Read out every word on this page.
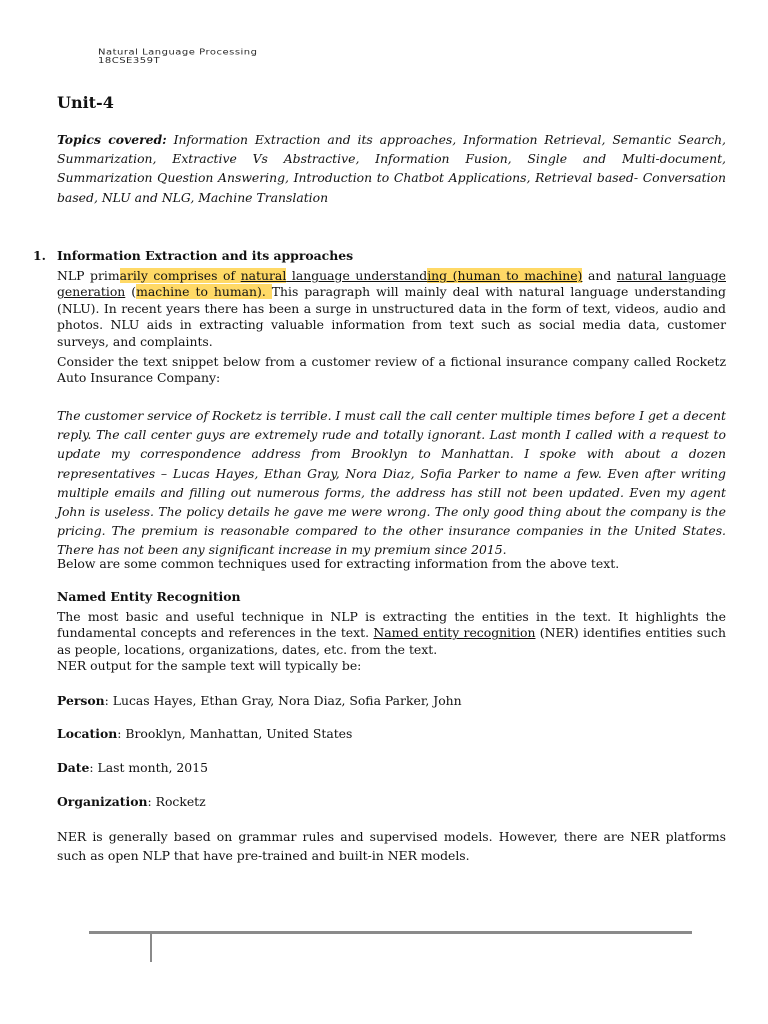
Natural Language Processing
18CSE359T
Unit-4
Topics covered: Information Extraction and its approaches, Information Retrieval, Semantic Search, Summarization, Extractive Vs Abstractive, Information Fusion, Single and Multi-document, Summarization Question Answering, Introduction to Chatbot Applications, Retrieval based- Conversation based, NLU and NLG, Machine Translation
1. Information Extraction and its approaches
NLP primarily comprises of natural language understanding (human to machine) and natural language generation (machine to human). This paragraph will mainly deal with natural language understanding (NLU). In recent years there has been a surge in unstructured data in the form of text, videos, audio and photos. NLU aids in extracting valuable information from text such as social media data, customer surveys, and complaints.
Consider the text snippet below from a customer review of a fictional insurance company called Rocketz Auto Insurance Company:
The customer service of Rocketz is terrible. I must call the call center multiple times before I get a decent reply. The call center guys are extremely rude and totally ignorant. Last month I called with a request to update my correspondence address from Brooklyn to Manhattan. I spoke with about a dozen representatives – Lucas Hayes, Ethan Gray, Nora Diaz, Sofia Parker to name a few. Even after writing multiple emails and filling out numerous forms, the address has still not been updated. Even my agent John is useless. The policy details he gave me were wrong. The only good thing about the company is the pricing. The premium is reasonable compared to the other insurance companies in the United States. There has not been any significant increase in my premium since 2015.
Below are some common techniques used for extracting information from the above text.
Named Entity Recognition
The most basic and useful technique in NLP is extracting the entities in the text. It highlights the fundamental concepts and references in the text. Named entity recognition (NER) identifies entities such as people, locations, organizations, dates, etc. from the text.
NER output for the sample text will typically be:
Person: Lucas Hayes, Ethan Gray, Nora Diaz, Sofia Parker, John
Location: Brooklyn, Manhattan, United States
Date: Last month, 2015
Organization: Rocketz
NER is generally based on grammar rules and supervised models. However, there are NER platforms such as open NLP that have pre-trained and built-in NER models.
